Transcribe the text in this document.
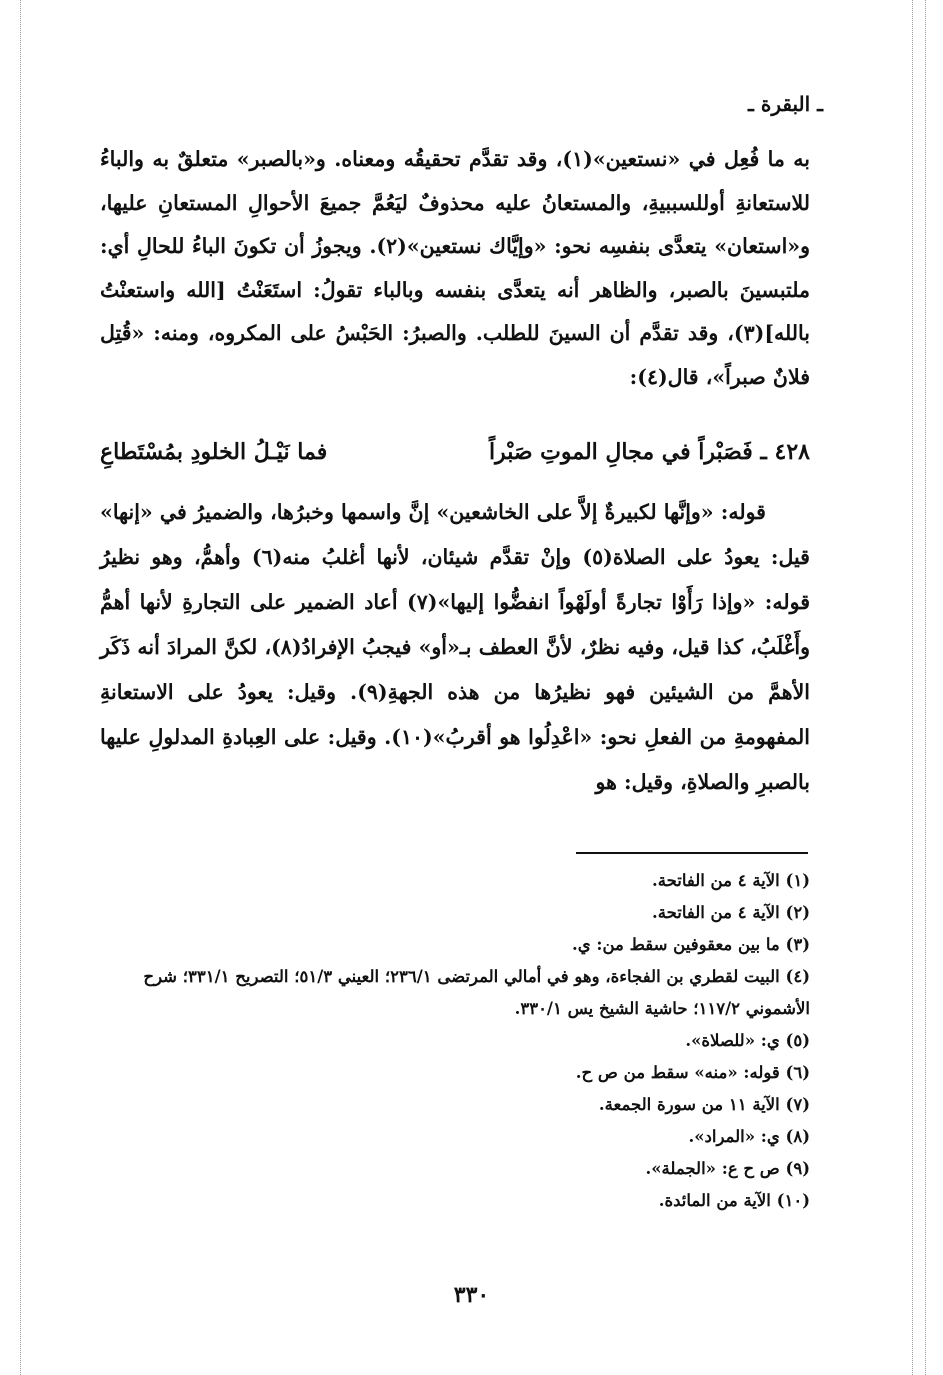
ـ البقرة ـ

به ما فُعِل في «نستعين»(١)، وقد تقدَّم تحقيقُه ومعناه. و«بالصبر» متعلقٌ به والباءُ للاستعانةِ أوللسببيةِ، والمستعانُ عليه محذوفٌ ليَعُمَّ جميعَ الأحوالِ المستعانِ عليها، و«استعان» يتعدَّى بنفسِه نحو: «وإيَّاك نستعين»(٢). ويجوزُ أن تكونَ الباءُ للحالِ أي: ملتبسينَ بالصبر، والظاهر أنه يتعدَّى بنفسه وبالباء تقولُ: استَعَنْتُ [الله واستعنْتُ بالله](٣)، وقد تقدَّم أن السينَ للطلب. والصبرُ: الحَبْسُ على المكروه، ومنه: «قُتِل فلانٌ صبراً»، قال(٤):

٤٢٨ ـ فَصَبْراً في مجالِ الموتِ صَبْراً
فما نَيْـلُ الخلودِ بمُسْتَطاعِ

قوله: «وإنَّها لكبيرةٌ إلاَّ على الخاشعين» إنَّ واسمها وخبرُها، والضميرُ في «إنها» قيل: يعودُ على الصلاة(٥) وإنْ تقدَّم شيئان، لأنها أغلبُ منه(٦) وأهمُّ، وهو نظيرُ قوله: «وإذا رَأَوْا تجارةً أولَهْواً انفضُّوا إليها»(٧) أعاد الضمير على التجارةِ لأنها أهمُّ وأَغْلَبُ، كذا قيل، وفيه نظرٌ، لأنَّ العطف بـ«أو» فيجبُ الإفرادُ(٨)، لكنَّ المرادَ أنه ذَكَر الأهمَّ من الشيئين فهو نظيرُها من هذه الجهةِ(٩). وقيل: يعودُ على الاستعانةِ المفهومةِ من الفعلِ نحو: «اعْدِلُوا هو أقربُ»(١٠). وقيل: على العِبادةِ المدلولِ عليها بالصبرِ والصلاةِ، وقيل: هو

(١) الآية ٤ من الفاتحة.

(٢) الآية ٤ من الفاتحة.

(٣) ما بين معقوفين سقط من: ي.

(٤) البيت لقطري بن الفجاءة، وهو في أمالي المرتضى ٢٣٦/١؛ العيني ٥١/٣؛ التصريح ٣٣١/١؛ شرح الأشموني ١١٧/٢؛ حاشية الشيخ يس ٣٣٠/١.

(٥) ي: «للصلاة».

(٦) قوله: «منه» سقط من ص ح.

(٧) الآية ١١ من سورة الجمعة.

(٨) ي: «المراد».

(٩) ص ح ع: «الجملة».

(١٠) الآية من المائدة.

٣٣٠
